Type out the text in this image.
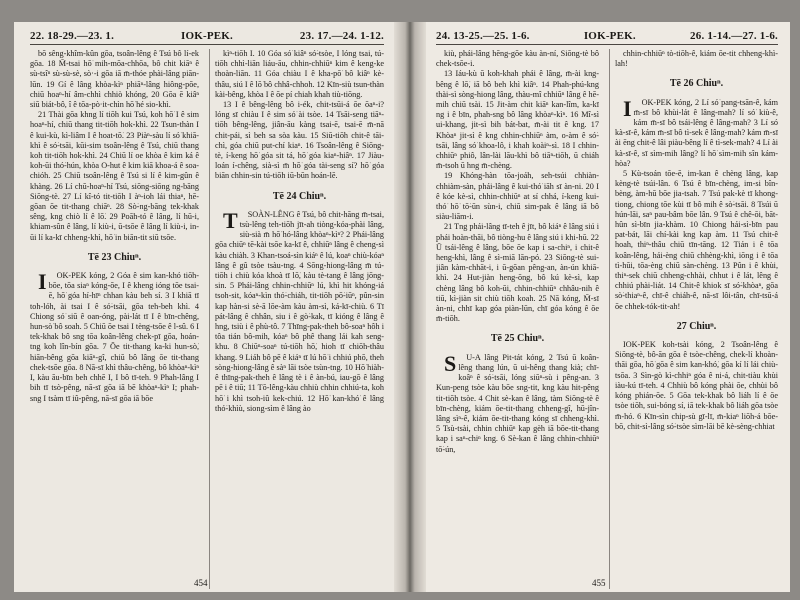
22. 18-29.—23. 1.	IOK-PEK.	23. 17.—24. 1-12.

bō sêng-khîm-kûn gōa, tsoân-lêng ê Tsú bô lí-ek gōa. 18 M̄-tsai hō͘ mih-mōa-chhōa, bô chit kiāⁿ ê sù-tsîⁿ sù-sù-sè, sò·-i gōa iā m̄-thóe phài-lâng piān-lūn. 19 Gí ê lâng khòa-kìⁿ phiāⁿ-lâng hiông-pōe, chiū hoaⁿ-hí âm-chhì chhiò khóng, 20 Gōa ē kiâⁿ siū biát-bô, î ê tōa-pò·it-chìn hō͘ hé sio-khì.

21 Thài gōa khng lí tiōh kui Tsú, koh hō͘ I ê sim hoaⁿ-hí, chiū thang tit-tiōh hok-khì. 22 Tsun-thàn I ê kui-kù, kì-liâm I ê hoat-tō͘. 23 Piàⁿ-sàu lí só͘ khiā-khì ê só͘-tsāi, kūi-sim tsoân-lêng ê Tsú, chiū thang koh tit-tiōh hok-khì. 24 Chiū lí oe khòa ê kim ká ê koh-ūi thó͘-hún, khòa O-hut ê kim kiā khoa-á ê soa-chióh. 25 Chiū tsoân-lêng ê Tsú si lí ê kim-gûn ê khàng. 26 Lí chū-hoaⁿ-hí Tsú, siōng-siōng ng-bāng Siōng-tè. 27 Lí kî-tó tit-tiōh I àⁿ-ioh lái thiaⁿ, hē-gōan ōe tit-thang chiāⁿ. 28 Sò͘-ng-bāng tek-khak sêng, kng chiò lí ê lō͘. 29 Poāh-tó ê lâng, lí hū-i, khiam-sûn ê lâng, lí kiù-i, ū-tsōe ê lâng lí kiù-i, in-ūi lí ka-kī chheng-khì, hō͘ in biān-tit siū tsōe.

Tē 23 Chiuⁿ.

I OK-PEK kóng, 2 Góa ê sim kan-khó tiōh-bōe, tōa siaⁿ kóng-ōe, I ê kheng ióng tōe tsai-ē, hō͘ góa hí-hīⁿ chhan kàu beh sí. 3 I khiā tī toh-lóh, ài tsai I ê só͘-tsāi, gōa teh-beh khì. 4 Chiong só͘ siū ê oan-óng, pài-lát tī I ê bīn-chêng, hun-sò͘ bô soah. 5 Chiū ōe tsai I tèng-tsōe ê l-sû. 6 I tek-khak bô sng tōa koân-lêng chek-pī gōa, hoán-tng koh lîn-bín gōa. 7 Ōe tit-thang ka-ki hun-sò͘, hiān-bêng gōa kiāⁿ-gî, chiū bô lâng ōe tit-thang chek-tsōe gōa. 8 Nā-sī khì thâu-chêng, bô khòaⁿ-kìⁿ I, kàu āu-bīn beh chhē I, I bô tī-teh. 9 Phah-lâng I bih tī tsò-pêng, nā-sī gōa iā bē khòaⁿ-kìⁿ I; phah-sng I tsàm tī iû-pêng, nā-sī gōa iā bōe

kìⁿ-tiōh I. 10 Góa só͘ kiâⁿ só͘-tsòe, I lóng tsai, tú-tiōh chhì-liān liáu-āu, chhin-chhiūⁿ kim ê keng-ke thoàn-liān. 11 Góa chiàu I ê kha-pō͘ bô kiâⁿ kè-thâu, siú I ê lō͘ bô chhâ-chhoh. 12 Kīn-siù tsun-thàn kài-bêng, khòa I ê ōe pí chiah khah tiù-tiōng.

13 I ê bêng-lêng bô i-ék, chit-tsūi-á ōe ōaⁿ-i? lóng sī chiàu I ê sim só͘ ài tsòe. 14 Tsāi-seng tiāⁿ-tiōh bêng-lêng, jiân-āu kàng tsai-ē, tsai-ē m̄-nā chit-pái, sì beh sa sòa kàu. 15 Siū-tiōh chit-ê tāi-chì, góa chiū put-chí kiaⁿ. 16 Tsoân-lêng ê Siōng-tè, í-keng hō͘ góa sit tá, hō͘ góa kiaⁿ-hiâⁿ. 17 Jiàu-loán í-chêng, sià-sì m̄ hō͘ góa tài-seng sí? hō͘ góa biān chhin-sin tú-tiōh iū-būn hoán-lē.

Tē 24 Chiuⁿ.

T SOÀN-LÊNG ê Tsú, bô chit-hāng m̄-tsai, tsù-lêng teh-tiōh jīt-ah tiòng-kóa-phài lâng, siù-sià m̄ hō͘ hó-lâng khòaⁿ-kìⁿ? 2 Phái-lâng gōa chiūⁿ tē-kài tsōe ka-kī ê, chhiūⁿ lâng ê cheng-sì kàu chiàh. 3 Khan-tsoá-sìn kiáⁿ ê lú, koaⁿ chiù-kóaⁿ lâng ê gû tsòe tsàu-tng. 4 Sōng-hiong-lâng m̄ tú-tiōh i chiù kóa khoà tī lō͘, kàu tè-tang ê lâng jōng-sin. 5 Phái-lâng chhin-chhiūⁿ lú, khì hit khóng-iá tsoh-sit, kóaⁿ-kìn thó͘-chiáh, tit-tiōh pō͘-iūⁿ, pûn-sin kap hàn-si sè-ā lōe-àm kàu àm-sì, ká-kī-chiù. 6 Tī pát-lâng ê chhân, siu i ê gò͘-kak, tī kióng ê lâng ê hng, tsiù i ê phù-tô. 7 Thīng-pak-theh bô-soaⁿ hôh i tôa tián bô-mih, kóaⁿ bô phê thang lái kah seng-khu. 8 Chiūⁿ-soaⁿ tú-tiōh hō͘, hioh tī chiōh-thâu khang. 9 Liáh bô pē ê kiáⁿ tī lú hō͘ i chhiú phō, theh sòng-hiong-lâng ê sàⁿ lāi tsòe tsùn-tng. 10 Hō͘ hiàh-ê thīng-pak-theh ê lâng tè i ê àn-bú, iau-gō ê lâng pē i ê tiū; 11 Tō-lêng-kàu chhiù chhin chhiú-ta, koh hō͘ i khì tsoh-iû kek-chiú. 12 Hō͘ kan-khó͘ ê lâng thó͘-khìù, siong-sìm ê lâng ào

454
24. 13-25.—25. 1-6.	IOK-PEK.	26. 1-14.—27. 1-6.

kiù, phái-lâng hēng-gōe kàu àn-ní, Siōng-tè bô chek-tsōe-i.

13 Iáu-kù ū koh-khah phái ê lâng, m̄-ài kng-bêng ê lō͘, iā bô beh khì kiâⁿ. 14 Phah-phú-kng thài-sì sòng-hiong lâng, thàu-mî chhiūⁿ lâng ê hē-mih chiū tsài. 15 Jit-àm chit kiāⁿ kan-lîm, ka-kī ng i ê bīn, phah-sng bô lâng khòaⁿ-kìⁿ. 16 Mî-sì ui-khang, jit-sì bih bát-bat, m̄-ài tit ê kng. 17 Khòaⁿ jit-sì ê kng chhin-chhiūⁿ àm, o-àm ê só͘-tsāi, lâng só͘ khoa-lô, i khah koàiⁿ-sì. 18 I chhin-chhiūⁿ phiô, lân-lài lāu-khì bô tiāⁿ-tiōh, ū chiáh m̄-tsoh ū hng m̄-chèng.

19 Khóng-hàn tōa-joáh, seh-tsúi chhiàn-chhiàm-sàn, phái-lâng ê kui-thó͘ iāh sī àn-ni. 20 I ê kóe kè-sì, chhin-chhiūⁿ at sí chhá, í-keng kui-thó͘ hō͘ tō͘-ūn sùn-i, chiū sim-pak ê lâng iā bô siàu-liām-i.

21 Tng phái-lâng tī-teh ê jīt, bô kiáⁿ ê lâng siú i phái hoàn-thāi, bô tiòng-hu ê lâng siú i khi-hū. 22 Ū tsái-lêng ê lâng, bōe ōe kap i sa-chiⁿ, i chit-ê heng-khì, lâng ê sì-miā lān-pó. 23 Siōng-tè sui-jiân kàm-chhāt-i, i ū-gōan pêng-an, àn-ún khiā-khì. 24 Hut-jiàn heng-ōng, bô kú kè-sì, kap chèng lâng bô koh-ūi, chhin-chhiūⁿ chhâu-nih ê tiū, kì-jiàn sit chiù tiōh koah. 25 Nā kóng, M̄-sī àn-ni, chhī kap góa piàn-lūn, chī góa kóng ê ōe m̄-tiōh.

Tē 25 Chiuⁿ.

S U-A lâng Pit-tát kóng, 2 Tsú ū koân-lêng thang lún, ū ui-hêng thang kià; chī-koâⁿ ê só͘-tsāi, lóng siūⁿ-sù i pêng-an. 3 Kun-peng tsòe kàu bōe sng-tit, kng kàu hit-pêng tit-tiōh tsòe. 4 Chit sè-kan ê lâng, tàm Siōng-tè ê bīn-chèng, kiám ōe-tit-thang chheng-gî, hū-jîn-lâng sìⁿ-ê, kiám ōe-tit-thang kóng sī chheng-khì. 5 Tsù-tsài, chhin chhiūⁿ kap gèh iā bōe-tit-thang kap i saⁿ-chiⁿ kng. 6 Sè-kan ê lâng chhin-chhiūⁿ tō͘-ún,

chhin-chhiūⁿ tò-tiōh-ê, kiám ōe-tit chheng-khì-lah!

Tē 26 Chiuⁿ.

I OK-PEK kóng, 2 Lí só͘ pang-tsān-ê, kám m̄-sī bô khùi-lát ê lâng-mah? lí só͘ kiù-ê, kám m̄-sī bô tsái-lêng ê lâng-mah? 3 Lí só͘ kà-sī-ê, kám m̄-sī bô tì-sek ê lâng-mah? kám m̄-sī ài ēng chit-ê lâi piàu-bêng lí ê tì-sek-mah? 4 Lí ài kà-sī-ê, sī sìm-mih lâng? lí hō͘ sìm-mih sîn kám-hòa?

5 Kù-tsoán tōe-ē, im-kan ê chèng lâng, kap kèng-tè tsúi-lân. 6 Tsú ê bīn-chèng, im-si bîn-bèng, àm-hū bōe jia-tsah. 7 Tsú pak-kè tī khong-tiong, chiong tōe kùi tī bô mih ê sò͘-tsāi. 8 Tsúi ū hún-lāi, saⁿ pau-bâm bōe lân. 9 Tsú ê chê-ōi, bāt-hûn sì-bīn jia-khàm. 10 Chiong hái-sì-bīn pau pat-bát, lāi chí-kài kng kap àm. 11 Tsú chit-ê hoah, thiⁿ-thâu chiū tīn-tāng. 12 Tián i ê tōa koân-lêng, hái-èng chiū chhèng-khì, iōng i ê tōa tì-hūi, tōa-èng chiū sàn-chèng. 13 Pûn i ê khùi, thiⁿ-sek chiū chheng-chhài, chhut i ê lát, lêng ê chhiú phài-liát. 14 Chit-ê khiok sī só͘-khòaⁿ, gōa sò͘-thiaⁿ-ê, chī-ê chiáh-ê, nā-sī lôi-tân, chī-tsū-á ōe chhek-tók-tit-ah!

27 Chiuⁿ.

IOK-PEK koh-tsài kóng, 2 Tsoân-lêng ê Siōng-tè, bô-ān gōa ê tsòe-chêng, chek-lí khoàn-thāi gōa, hō͘ gōa ê sim kan-khó͘, gōa kí lí lái chiù-tsōa. 3 Sìn-gò kì-chhiⁿ góa ê ni-á, chit-tiàu khùi iàu-kú tī-teh. 4 Chhiù bô kóng phài ōe, chhùi bô kóng phián-ōe. 5 Gōa tek-khak bô liáh lí ê ōe tsòe tiōh, sui-bóng sí, iā tek-khak bô liáh gōa tsòe m̄-hó. 6 Kīn-sìn chip-sù gī-lī, m̄-kiaⁿ liōh-á bōe-bō, chit-sì-lâng só͘-tsòe sìm-lāi bē kè-sèng-chhiat

455
